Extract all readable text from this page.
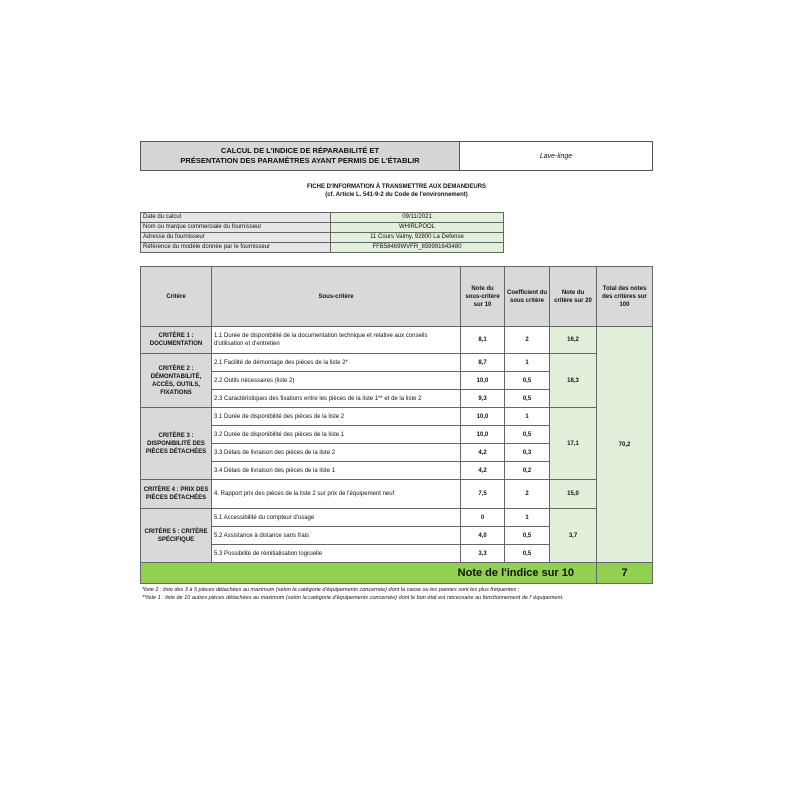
CALCUL DE L'INDICE DE RÉPARABILITÉ ET
PRÉSENTATION DES PARAMÈTRES AYANT PERMIS DE L'ÉTABLIR	Lave-linge
FICHE D'INFORMATION À TRANSMETTRE AUX DEMANDEURS
(cf. Article L. 541-9-2 du Code de l'environnement)
Date du calcul	09/11/2021
Nom ou marque commerciale du fournisseur	WHIRLPOOL
Adresse du fournisseur	11 Cours Valmy, 92800 La Defense
Référence du modèle donnée par le fournisseur	FFB58469WVFR_859991643480
Critère	Sous-critère	Note du sous-critère sur 10	Coefficient du sous critère	Note du critère sur 20	Total des notes des critères sur 100
CRITÈRE 1 : DOCUMENTATION	1.1 Durée de disponibilité de la documentation technique et relative aux conseils d'utilisation et d'entretien	8,1	2	16,2	70,2
CRITÈRE 2 : DÉMONTABILITÉ, ACCÈS, OUTILS, FIXATIONS	2.1 Facilité de démontage des pièces de la liste 2*	8,7	1	18,3	
	2.2 Outils nécessaires (liste 2)	10,0	0,5		
	2.3 Caractéristiques des fixations entre les pièces de la liste 1** et de la liste 2	9,3	0,5		
CRITÈRE 3 : DISPONIBILITÉ DES PIÈCES DÉTACHÉES	3.1 Durée de disponibilité des pièces de la liste 2	10,0	1	17,1	
	3.2 Durée de disponibilité des pièces de la liste 1	10,0	0,5		
	3.3 Délais de livraison des pièces de la liste 2	4,2	0,3		
	3.4 Délais de livraison des pièces de la liste 1	4,2	0,2		
CRITÈRE 4 : PRIX DES PIÈCES DÉTACHÉES	4. Rapport prix des pièces de la liste 2 sur prix de l'équipement neuf	7,5	2	15,0	
CRITÈRE 5 : CRITÈRE SPÉCIFIQUE	5.1 Accessibilité du compteur d'usage	0	1	3,7	
	5.2 Assistance à distance sans frais	4,0	0,5		
	5.3 Possibilité de réinitialisation logicielle	3,3	0,5		
Note de l'indice sur 10					7
*liste 2 : liste des 3 à 5 pièces détachées au maximum (selon la catégorie d'équipements concernée) dont la casse ou les pannes sont les plus fréquentes ;
**liste 1 : liste de 10 autres pièces détachées au maximum (selon la catégorie d'équipements concernée) dont le bon état est nécessaire au fonctionnement de l' équipement.
